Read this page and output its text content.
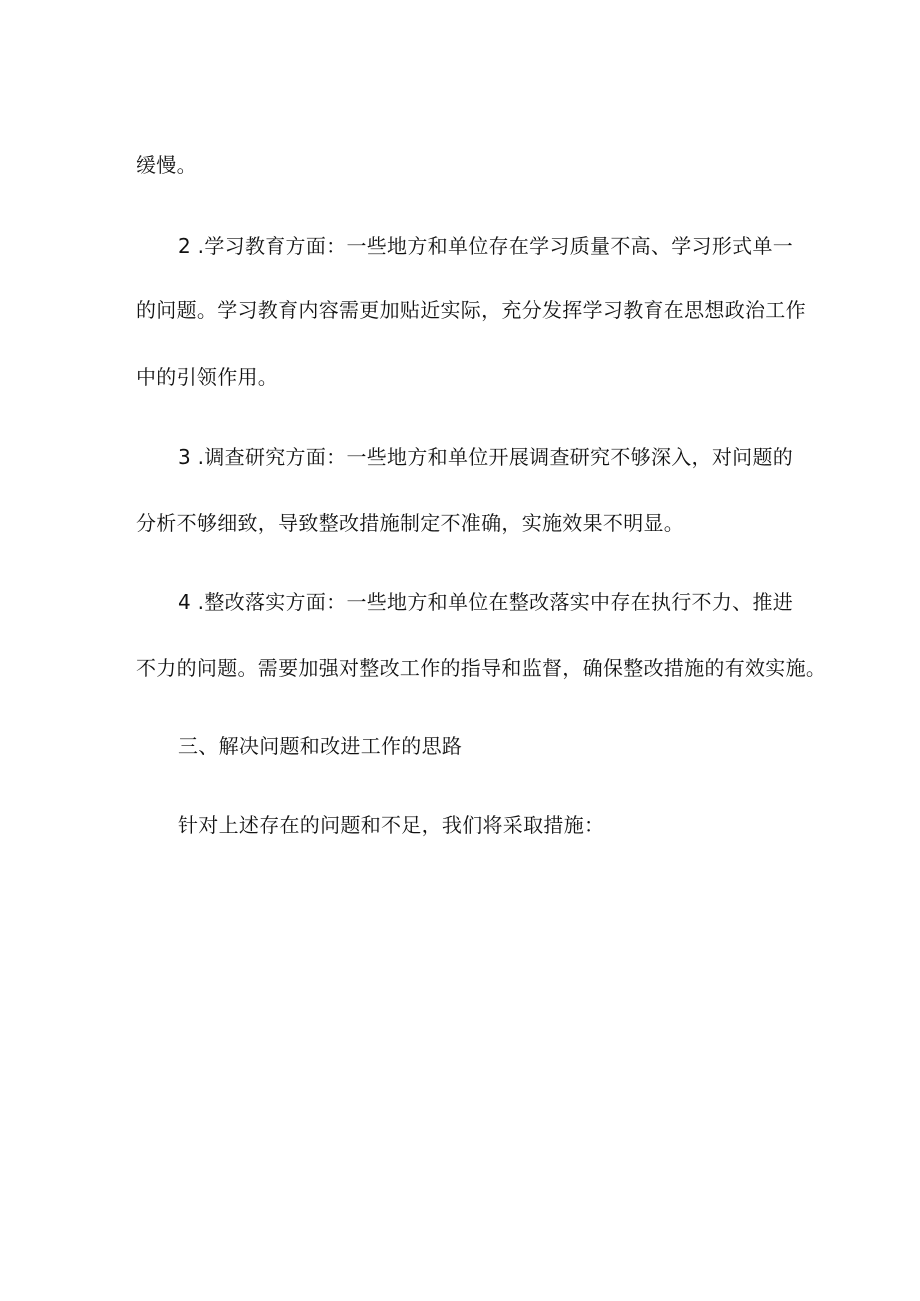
缓慢。
2 .学习教育方面：一些地方和单位存在学习质量不高、学习形式单一
的问题。学习教育内容需更加贴近实际，充分发挥学习教育在思想政治工作
中的引领作用。
3 .调查研究方面：一些地方和单位开展调查研究不够深入，对问题的
分析不够细致，导致整改措施制定不准确，实施效果不明显。
4 .整改落实方面：一些地方和单位在整改落实中存在执行不力、推进
不力的问题。需要加强对整改工作的指导和监督，确保整改措施的有效实施。
三、解决问题和改进工作的思路
针对上述存在的问题和不足，我们将采取措施：
